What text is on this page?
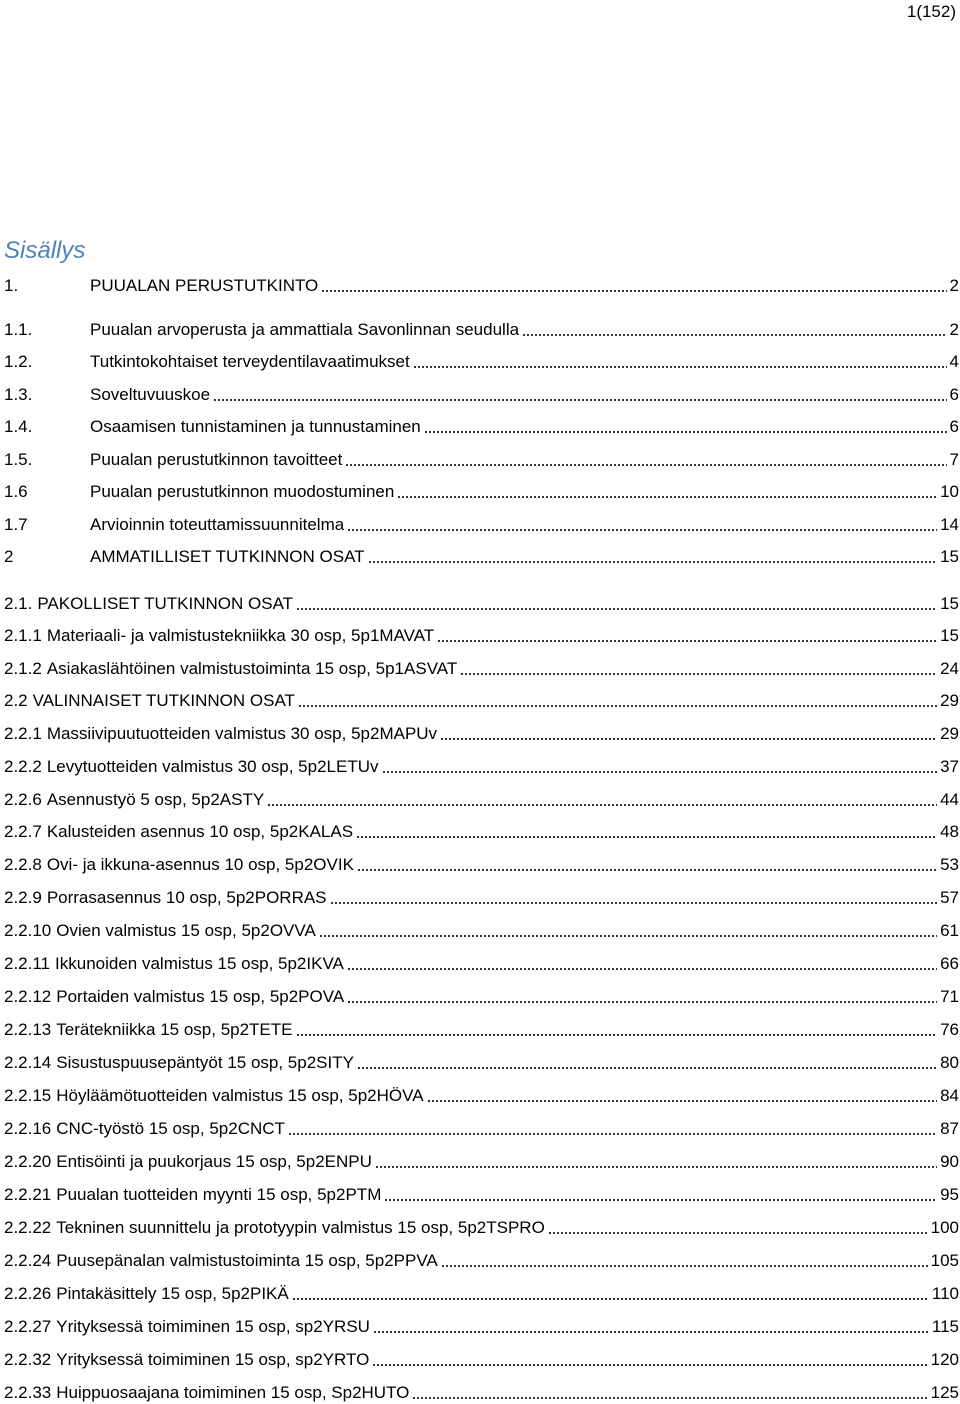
1(152)
Sisällys
1.	PUUALAN PERUSTUTKINTO	2
1.1.	Puualan arvoperusta ja ammattiala Savonlinnan seudulla	2
1.2.	Tutkintokohtaiset terveydentilavaatimukset	4
1.3.	Soveltuvuuskoe	6
1.4.	Osaamisen tunnistaminen ja tunnustaminen	6
1.5.	Puualan perustutkinnon tavoitteet	7
1.6	Puualan perustutkinnon muodostuminen	10
1.7	Arvioinnin toteuttamissuunnitelma	14
2	AMMATILLISET TUTKINNON OSAT	15
2.1. PAKOLLISET TUTKINNON OSAT	15
2.1.1 Materiaali- ja valmistustekniikka 30 osp, 5p1MAVAT	15
2.1.2 Asiakaslähtöinen valmistustoiminta 15 osp, 5p1ASVAT	24
2.2 VALINNAISET TUTKINNON OSAT	29
2.2.1 Massiivipuutuotteiden valmistus 30 osp, 5p2MAPUv	29
2.2.2 Levytuotteiden valmistus 30 osp, 5p2LETUv	37
2.2.6 Asennustyö 5 osp, 5p2ASTY	44
2.2.7 Kalusteiden asennus 10 osp, 5p2KALAS	48
2.2.8 Ovi- ja ikkuna-asennus 10 osp, 5p2OVIK	53
2.2.9 Porrasasennus 10 osp, 5p2PORRAS	57
2.2.10 Ovien valmistus 15 osp, 5p2OVVA	61
2.2.11 Ikkunoiden valmistus 15 osp, 5p2IKVA	66
2.2.12 Portaiden valmistus 15 osp, 5p2POVA	71
2.2.13 Terätekniikka 15 osp, 5p2TETE	76
2.2.14 Sisustuspuusepäntyöt 15 osp, 5p2SITY	80
2.2.15 Höyläämötuotteiden valmistus 15 osp, 5p2HÖVA	84
2.2.16 CNC-työstö 15 osp, 5p2CNCT	87
2.2.20 Entisöinti ja puukorjaus 15 osp, 5p2ENPU	90
2.2.21 Puualan tuotteiden myynti 15 osp, 5p2PTM	95
2.2.22 Tekninen suunnittelu ja prototyypin valmistus 15 osp, 5p2TSPRO	100
2.2.24 Puusepänalan valmistustoiminta 15 osp, 5p2PPVA	105
2.2.26 Pintakäsittely 15 osp, 5p2PIKÄ	110
2.2.27 Yrityksessä toimiminen 15 osp, sp2YRSU	115
2.2.32 Yrityksessä toimiminen 15 osp, sp2YRTO	120
2.2.33 Huippuosaajana toimiminen 15 osp, Sp2HUTO	125
